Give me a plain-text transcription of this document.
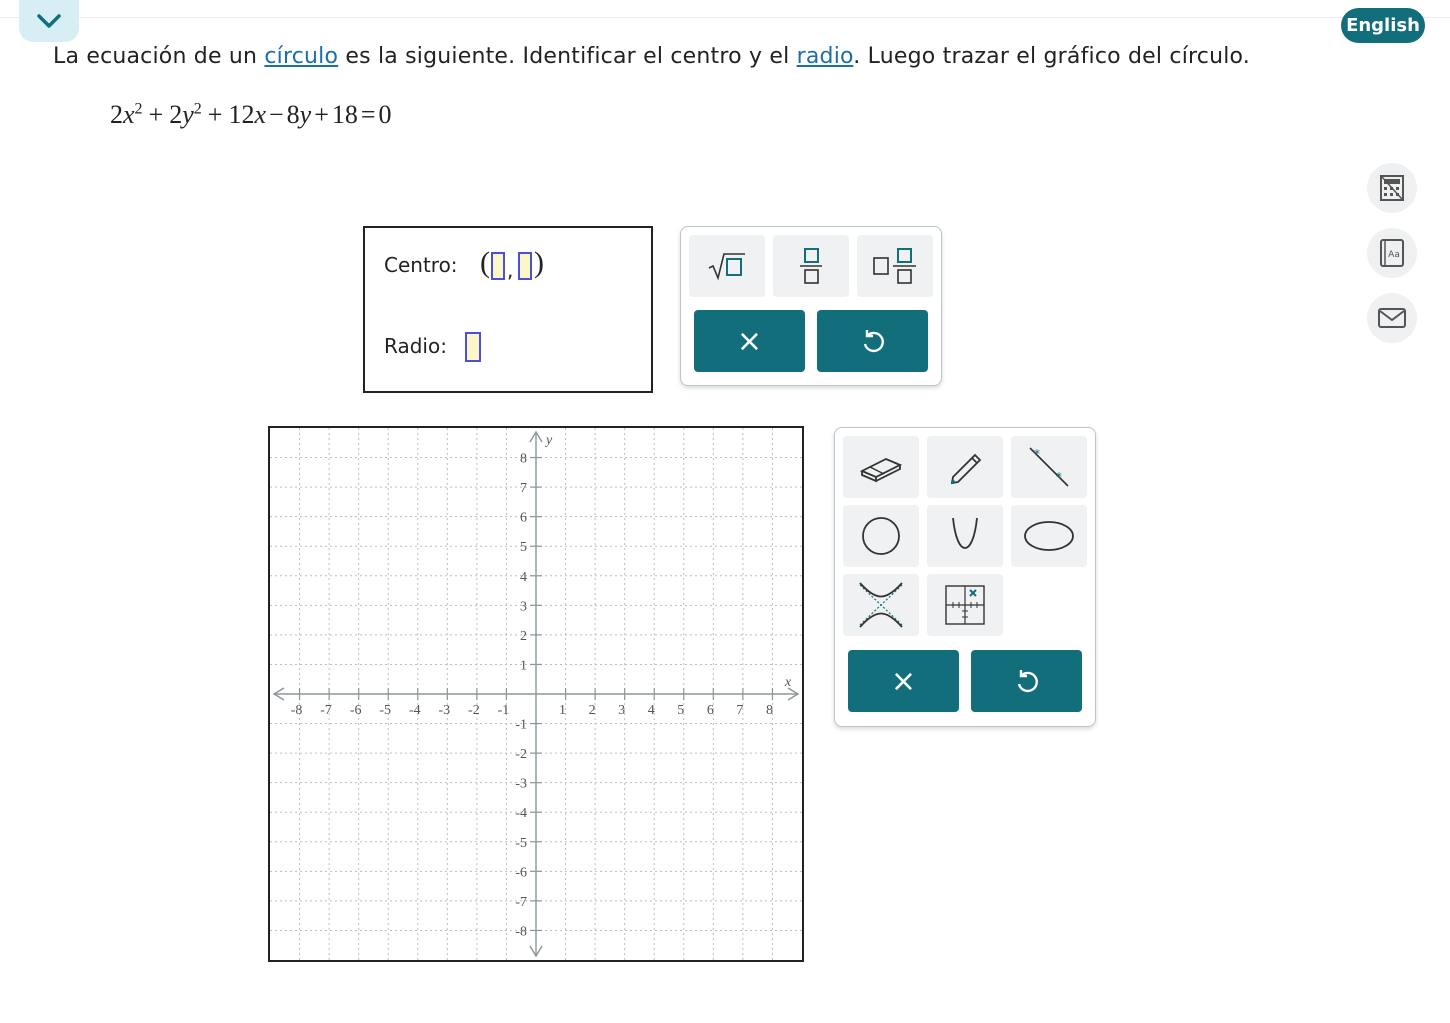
English
La ecuación de un círculo es la siguiente. Identificar el centro y el radio. Luego trazar el gráfico del círculo.
$2x^2 + 2y^2 + 12x - 8y + 18 = 0$
Aa
Centro: ( , )
Radio:	×
-8 -7 -6 -5 -4 -3 -2 -1	1 2 3 4 5 6 7 8
8
7
6
5
4
3
2
1
-1
-2
-3
-4
-5
-6
-7
-8
x
y
*
*
×
